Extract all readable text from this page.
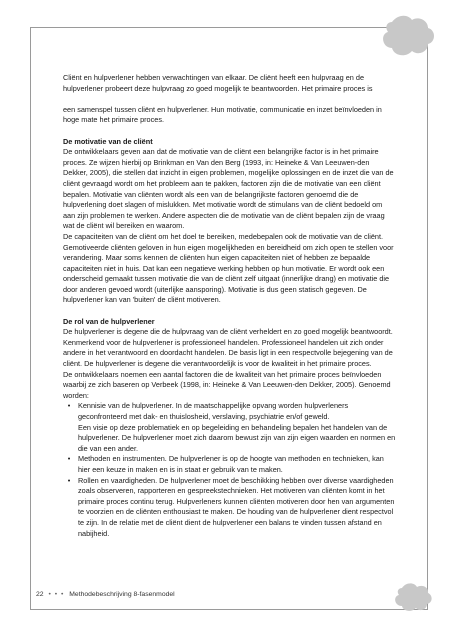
Cliënt en hulpverlener hebben verwachtingen van elkaar. De cliënt heeft een hulpvraag en de hulpverlener probeert deze hulpvraag zo goed mogelijk te beantwoorden. Het primaire proces is

een samenspel tussen cliënt en hulpverlener. Hun motivatie, communicatie en inzet beïnvloeden in hoge mate het primaire proces.

De motivatie van de cliënt

De ontwikkelaars geven aan dat de motivatie van de cliënt een belangrijke factor is in het primaire proces. Ze wijzen hierbij op Brinkman en Van den Berg (1993, in: Heineke & Van Leeuwen-den Dekker, 2005), die stellen dat inzicht in eigen problemen, mogelijke oplossingen en de inzet die van de cliënt gevraagd wordt om het probleem aan te pakken, factoren zijn die de motivatie van een cliënt bepalen. Motivatie van cliënten wordt als een van de belangrijkste factoren genoemd die de hulpverlening doet slagen of mislukken. Met motivatie wordt de stimulans van de cliënt bedoeld om aan zijn problemen te werken. Andere aspecten die de motivatie van de cliënt bepalen zijn de vraag wat de cliënt wil bereiken en waarom.

De capaciteiten van de cliënt om het doel te bereiken, medebepalen ook de motivatie van de cliënt. Gemotiveerde cliënten geloven in hun eigen mogelijkheden en bereidheid om zich open te stellen voor verandering. Maar soms kennen de cliënten hun eigen capaciteiten niet of hebben ze bepaalde capaciteiten niet in huis. Dat kan een negatieve werking hebben op hun motivatie. Er wordt ook een onderscheid gemaakt tussen motivatie die van de cliënt zelf uitgaat (innerlijke drang) en motivatie die door anderen gevoed wordt (uiterlijke aansporing). Motivatie is dus geen statisch gegeven. De hulpverlener kan van 'buiten' de cliënt motiveren.

De rol van de hulpverlener

De hulpverlener is degene die de hulpvraag van de cliënt verheldert en zo goed mogelijk beantwoordt. Kenmerkend voor de hulpverlener is professioneel handelen. Professioneel handelen uit zich onder andere in het verantwoord en doordacht handelen. De basis ligt in een respectvolle bejegening van de cliënt. De hulpverlener is degene die verantwoordelijk is voor de kwaliteit in het primaire proces.

De ontwikkelaars noemen een aantal factoren die de kwaliteit van het primaire proces beïnvloeden waarbij ze zich baseren op Verbeek (1998, in: Heineke & Van Leeuwen-den Dekker, 2005). Genoemd worden:

•	Kennisie van de hulpverlener. In de maatschappelijke opvang worden hulpverleners geconfronteerd met dak- en thuislosheid, verslaving, psychiatrie en/of geweld.

Een visie op deze problematiek en op begeleiding en behandeling bepalen het handelen van de hulpverlener. De hulpverlener moet zich daarom bewust zijn van zijn eigen waarden en normen en die van een ander.

•	Methoden en instrumenten. De hulpverlener is op de hoogte van methoden en technieken, kan hier een keuze in maken en is in staat er gebruik van te maken.
•	Rollen en vaardigheden. De hulpverlener moet de beschikking hebben over diverse vaardigheden zoals observeren, rapporteren en gespreekstechnieken. Het motiveren van cliënten komt in het primaire proces continu terug. Hulpverleners kunnen cliënten motiveren door hen van argumenten te voorzien en de cliënten enthousiast te maken. De houding van de hulpverlener dient respectvol te zijn. In de relatie met de cliënt dient de hulpverlener een balans te vinden tussen afstand en nabijheid.
22 • • • Methodebeschrijving 8-fasenmodel
